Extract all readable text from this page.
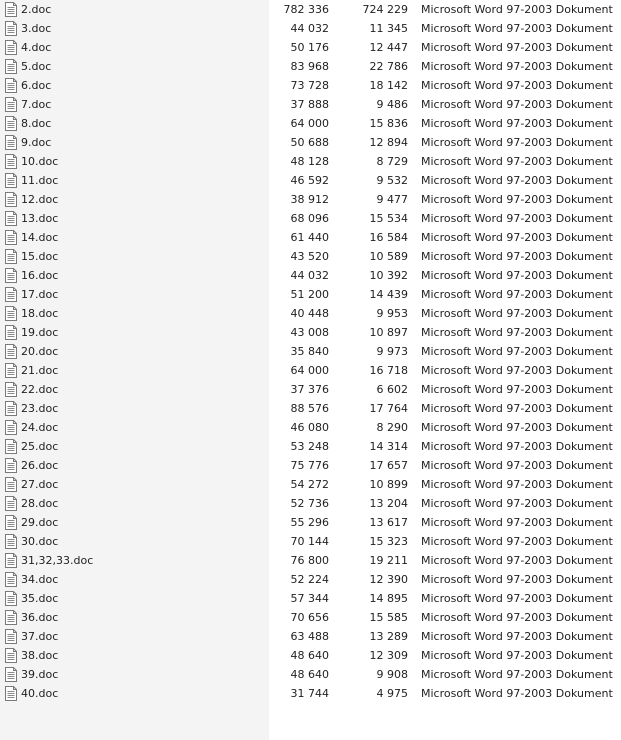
2.doc	782 336	724 229 Microsoft Word 97-2003 Dokument
3.doc	44 032	11 345 Microsoft Word 97-2003 Dokument
4.doc	50 176	12 447 Microsoft Word 97-2003 Dokument
5.doc	83 968	22 786 Microsoft Word 97-2003 Dokument
6.doc	73 728	18 142 Microsoft Word 97-2003 Dokument
7.doc	37 888	9 486 Microsoft Word 97-2003 Dokument
8.doc	64 000	15 836 Microsoft Word 97-2003 Dokument
9.doc	50 688	12 894 Microsoft Word 97-2003 Dokument
10.doc	48 128	8 729 Microsoft Word 97-2003 Dokument
11.doc	46 592	9 532 Microsoft Word 97-2003 Dokument
12.doc	38 912	9 477 Microsoft Word 97-2003 Dokument
13.doc	68 096	15 534 Microsoft Word 97-2003 Dokument
14.doc	61 440	16 584 Microsoft Word 97-2003 Dokument
15.doc	43 520	10 589 Microsoft Word 97-2003 Dokument
16.doc	44 032	10 392 Microsoft Word 97-2003 Dokument
17.doc	51 200	14 439 Microsoft Word 97-2003 Dokument
18.doc	40 448	9 953 Microsoft Word 97-2003 Dokument
19.doc	43 008	10 897 Microsoft Word 97-2003 Dokument
20.doc	35 840	9 973 Microsoft Word 97-2003 Dokument
21.doc	64 000	16 718 Microsoft Word 97-2003 Dokument
22.doc	37 376	6 602 Microsoft Word 97-2003 Dokument
23.doc	88 576	17 764 Microsoft Word 97-2003 Dokument
24.doc	46 080	8 290 Microsoft Word 97-2003 Dokument
25.doc	53 248	14 314 Microsoft Word 97-2003 Dokument
26.doc	75 776	17 657 Microsoft Word 97-2003 Dokument
27.doc	54 272	10 899 Microsoft Word 97-2003 Dokument
28.doc	52 736	13 204 Microsoft Word 97-2003 Dokument
29.doc	55 296	13 617 Microsoft Word 97-2003 Dokument
30.doc	70 144	15 323 Microsoft Word 97-2003 Dokument
31,32,33.doc	76 800	19 211 Microsoft Word 97-2003 Dokument
34.doc	52 224	12 390 Microsoft Word 97-2003 Dokument
35.doc	57 344	14 895 Microsoft Word 97-2003 Dokument
36.doc	70 656	15 585 Microsoft Word 97-2003 Dokument
37.doc	63 488	13 289 Microsoft Word 97-2003 Dokument
38.doc	48 640	12 309 Microsoft Word 97-2003 Dokument
39.doc	48 640	9 908 Microsoft Word 97-2003 Dokument
40.doc	31 744	4 975 Microsoft Word 97-2003 Dokument
